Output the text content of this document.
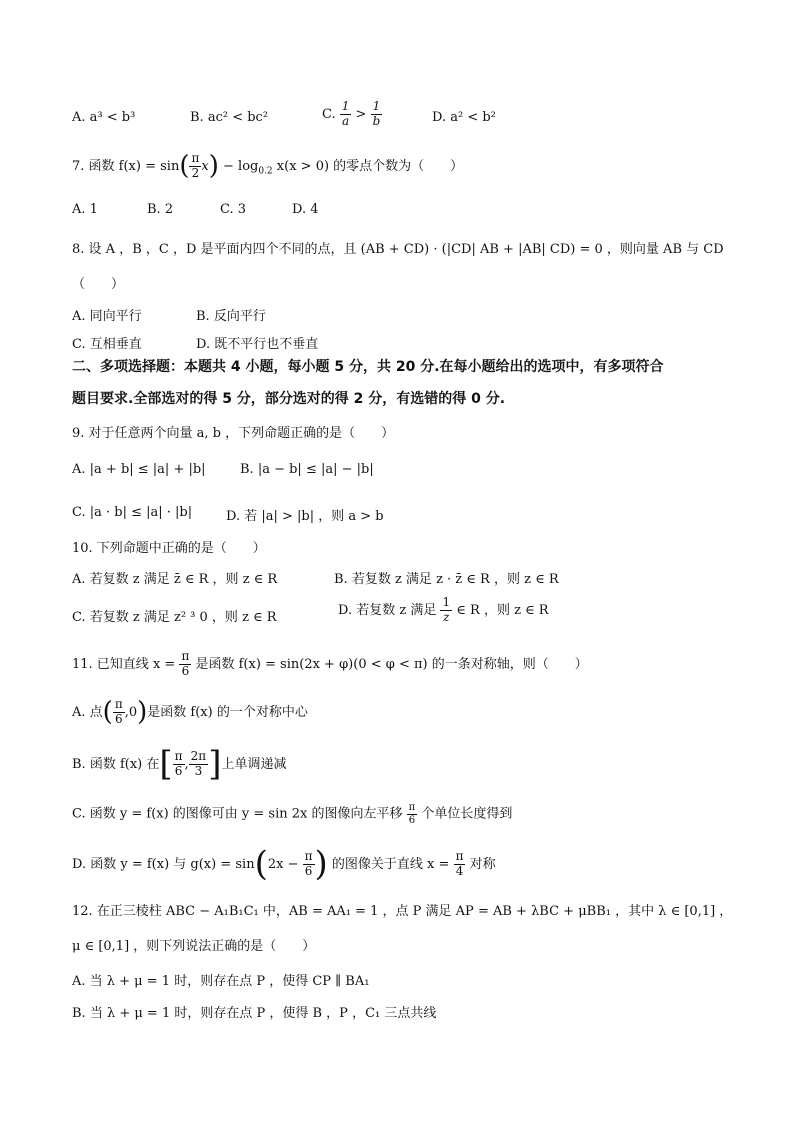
A. a³ < b³	B. ac² < bc²	C. $\frac{1}{a} > \frac{1}{b}$	D. a² < b²
7. 函数 $f(x) = \sin( \frac{\pi}{2} x) - \log_{0.2} x(x > 0)$ 的零点个数为（　　）
A. 1	B. 2	C. 3	D. 4
8. 设 A ，B ，C ，D 是平面内四个不同的点，且 (AB + CD) · (|CD| AB + |AB| CD) = 0 ，则向量 AB 与 CD
（　　）
A. 同向平行	B. 反向平行
C. 互相垂直	D. 既不平行也不垂直
二、多项选择题：本题共 4 小题，每小题 5 分，共 20 分.在每小题给出的选项中，有多项符合
题目要求.全部选对的得 5 分，部分选对的得 2 分，有选错的得 0 分.
9. 对于任意两个向量 a, b ，下列命题正确的是（　　）
A. |a + b| ≤ |a| + |b|	B. |a − b| ≤ |a| − |b|
C. |a · b| ≤ |a| · |b|	D. 若 |a| > |b| ，则 a > b
10. 下列命题中正确的是（　　）
A. 若复数 z 满足 z̄ ∈ R ，则 z ∈ R	B. 若复数 z 满足 z · z̄ ∈ R ，则 z ∈ R
C. 若复数 z 满足 z² ³ 0 ，则 z ∈ R	D. 若复数 z 满足 $\frac{1}{z}$ ∈ R ，则 z ∈ R
11. 已知直线 $x = \frac{\pi}{6}$ 是函数 f(x) = sin(2x + φ)(0 < φ < π) 的一条对称轴，则（　　）
A. 点( $\frac{\pi}{6} ,0$)是函数 f(x) 的一个对称中心
B. 函数 f(x) 在[ $\frac{\pi}{6}$ , $\frac{2\pi}{3}$ ]上单调递减
C. 函数 y = f(x) 的图像可由 y = sin 2x 的图像向左平移 $\frac{\pi}{6}$ 个单位长度得到
D. 函数 y = f(x) 与 $g(x) = \sin(2x - \frac{\pi}{6}$ ) 的图像关于直线 $x = \frac{\pi}{4}$ 对称
12. 在正三棱柱 ABC − A₁B₁C₁ 中，AB = AA₁ = 1 ，点 P 满足 AP = AB + λBC + μBB₁ ，其中 λ ∈ [0,1] ，
μ ∈ [0,1] ，则下列说法正确的是（　　）
A. 当 λ + μ = 1 时，则存在点 P ，使得 CP ∥ BA₁
B. 当 λ + μ = 1 时，则存在点 P ，使得 B ，P ，C₁ 三点共线
